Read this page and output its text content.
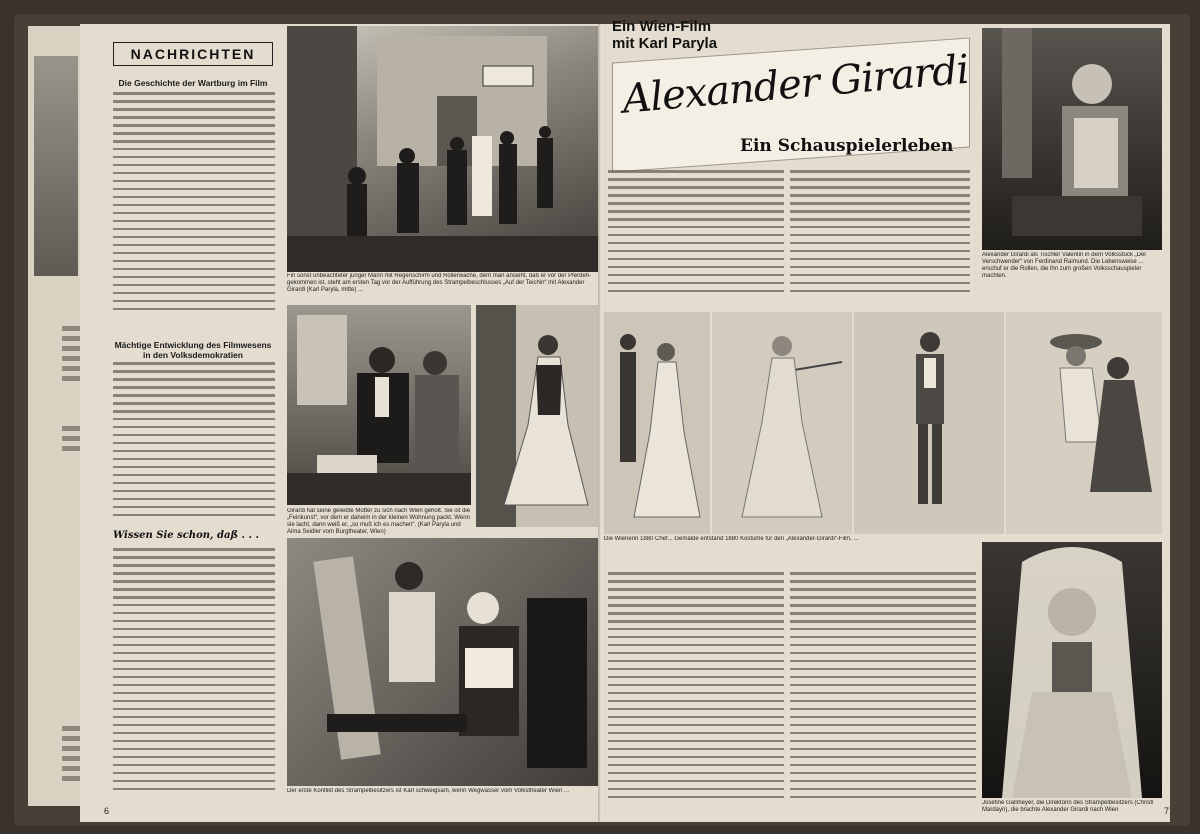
NACHRICHTEN
Die Geschichte der Wartburg im Film
Mächtige Entwicklung des Filmwesens in den Volksdemokratien
Wissen Sie schon, daß . . .
Fin sonst unbeachteter junger Mann mit Regenschirm und Rollerwache, dem man ansieht, daß er vor der Pferdeh- gekommen ist, steht am ersten Tag vor der Aufführung des Strampelbeschlusses „Auf der Teichin“ mit Alexander Girardi (Karl Paryla, mitte) ...
Girardi hat seine geliebte Mutter zu sich nach Wien geholt. Sie ist die „Feinkunst“, vor dem er daheim in der kleinen Wohnung packt. Wenn sie lacht, dann weiß er, „so muß ich es machen“. (Karl Paryla und Alma Seidler vom Burgtheater, Wien)
Der erste Konflikt des Strampelbesitzers ist Karl schweigsam, wenn Wegwasser vom Volkstheater Wien ...
6
Ein Wien-Film mit Karl Paryla
Alexander Girardi
Ein Schauspielerleben
Alexander Girardi als Tischler Valentin in dem Volksstück „Der Verschwender“ von Ferdinand Raimund. Die Lebensweise ... erschuf er die Rollen, die ihn zum großen Volksschauspieler machten.
Die Wienerin 1880 Chef... Gemälde entstand 1880 Kostüme für den „Alexander-Girardi“-Film, ...
Josefine Gallmeyer, die Direktorin des Strampelbesitzers (Christl Mardayn), die brachte Alexander Girardi nach Wien	7
